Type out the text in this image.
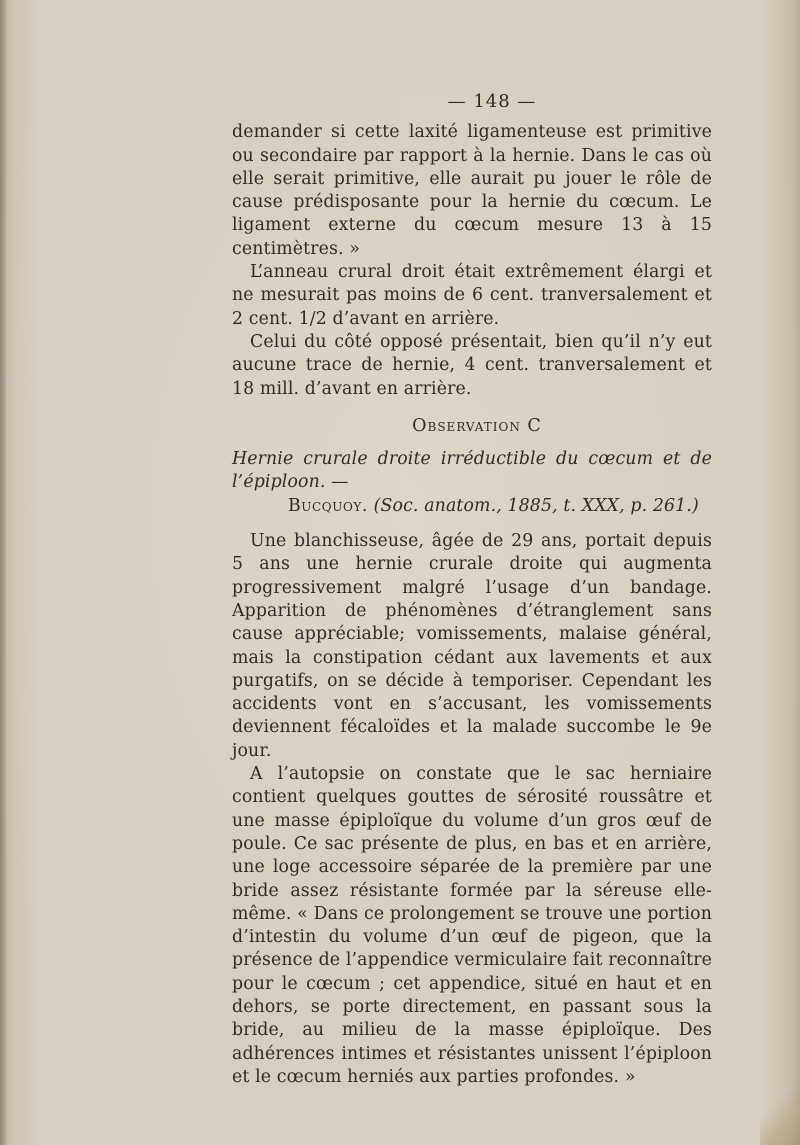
— 148 —

demander si cette laxité ligamenteuse est primitive ou secondaire par rapport à la hernie. Dans le cas où elle serait primitive, elle aurait pu jouer le rôle de cause prédisposante pour la hernie du cœcum. Le ligament externe du cœcum mesure 13 à 15 centimètres. »

L’anneau crural droit était extrêmement élargi et ne mesurait pas moins de 6 cent. tranversalement et 2 cent. 1/2 d’avant en arrière.

Celui du côté opposé présentait, bien qu’il n’y eut aucune trace de hernie, 4 cent. tranversalement et 18 mill. d’avant en arrière.

Observation C

Hernie crurale droite irréductible du cœcum et de l’épiploon. —
Bucquoy. (Soc. anatom., 1885, t. XXX, p. 261.)

Une blanchisseuse, âgée de 29 ans, portait depuis 5 ans une hernie crurale droite qui augmenta progressivement malgré l’usage d’un bandage. Apparition de phénomènes d’étranglement sans cause appréciable; vomissements, malaise général, mais la constipation cédant aux lavements et aux purgatifs, on se décide à temporiser. Cependant les accidents vont en s’accusant, les vomissements deviennent fécaloïdes et la malade succombe le 9e jour.

A l’autopsie on constate que le sac herniaire contient quelques gouttes de sérosité roussâtre et une masse épiploïque du volume d’un gros œuf de poule. Ce sac présente de plus, en bas et en arrière, une loge accessoire séparée de la première par une bride assez résistante formée par la séreuse elle-même. « Dans ce prolongement se trouve une portion d’intestin du volume d’un œuf de pigeon, que la présence de l’appendice vermiculaire fait reconnaître pour le cœcum ; cet appendice, situé en haut et en dehors, se porte directement, en passant sous la bride, au milieu de la masse épiploïque. Des adhérences intimes et résistantes unissent l’épiploon et le cœcum herniés aux parties profondes. »
